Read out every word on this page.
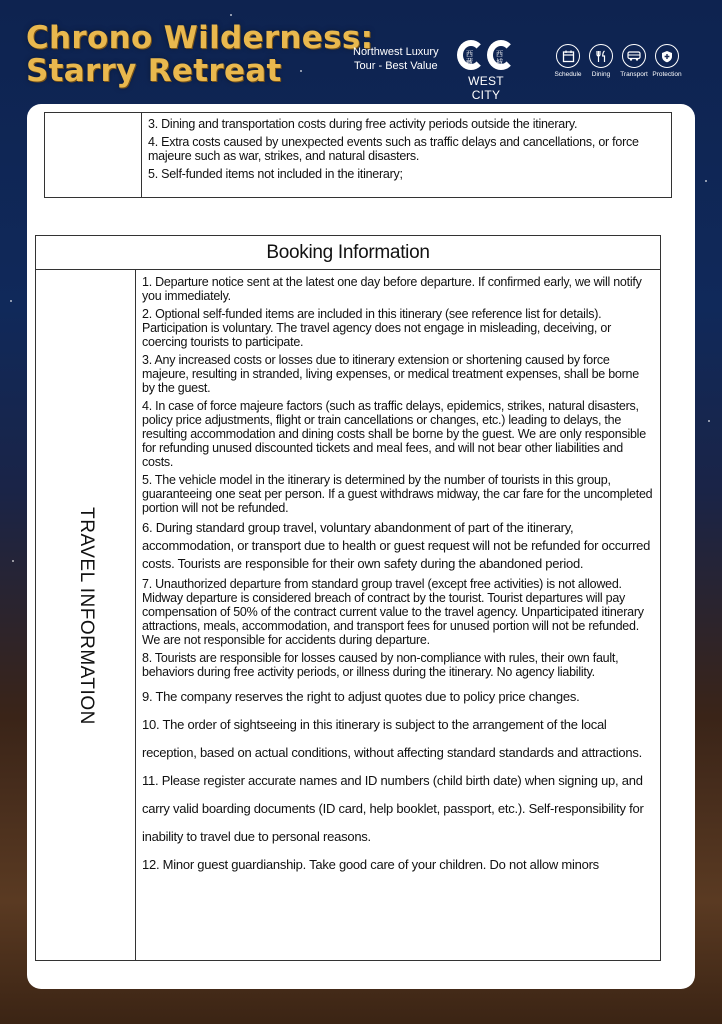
Chrono Wilderness:
Starry Retreat
Northwest Luxury
Tour - Best Value
西藏
西城
WEST CITY
Schedule	Dining	Transport Protection

3. Dining and transportation costs during free activity periods outside the itinerary.

4. Extra costs caused by unexpected events such as traffic delays and cancellations, or force majeure such as war, strikes, and natural disasters.

5. Self-funded items not included in the itinerary;

Booking Information
TRAVEL INFORMATION

1. Departure notice sent at the latest one day before departure. If confirmed early, we will notify you immediately.

2. Optional self-funded items are included in this itinerary (see reference list for details). Participation is voluntary. The travel agency does not engage in misleading, deceiving, or coercing tourists to participate.

3. Any increased costs or losses due to itinerary extension or shortening caused by force majeure, resulting in stranded, living expenses, or medical treatment expenses, shall be borne by the guest.

4. In case of force majeure factors (such as traffic delays, epidemics, strikes, natural disasters, policy price adjustments, flight or train cancellations or changes, etc.) leading to delays, the resulting accommodation and dining costs shall be borne by the guest. We are only responsible for refunding unused discounted tickets and meal fees, and will not bear other liabilities and costs.

5. The vehicle model in the itinerary is determined by the number of tourists in this group, guaranteeing one seat per person. If a guest withdraws midway, the car fare for the uncompleted portion will not be refunded.

6. During standard group travel, voluntary abandonment of part of the itinerary, accommodation, or transport due to health or guest request will not be refunded for occurred costs. Tourists are responsible for their own safety during the abandoned period.

7. Unauthorized departure from standard group travel (except free activities) is not allowed. Midway departure is considered breach of contract by the tourist. Tourist departures will pay compensation of 50% of the contract current value to the travel agency. Unparticipated itinerary attractions, meals, accommodation, and transport fees for unused portion will not be refunded. We are not responsible for accidents during departure.

8. Tourists are responsible for losses caused by non-compliance with rules, their own fault, behaviors during free activity periods, or illness during the itinerary. No agency liability.

9. The company reserves the right to adjust quotes due to policy price changes.

10. The order of sightseeing in this itinerary is subject to the arrangement of the local reception, based on actual conditions, without affecting standard standards and attractions.

11. Please register accurate names and ID numbers (child birth date) when signing up, and carry valid boarding documents (ID card, help booklet, passport, etc.). Self-responsibility for inability to travel due to personal reasons.

12. Minor guest guardianship. Take good care of your children. Do not allow minors
